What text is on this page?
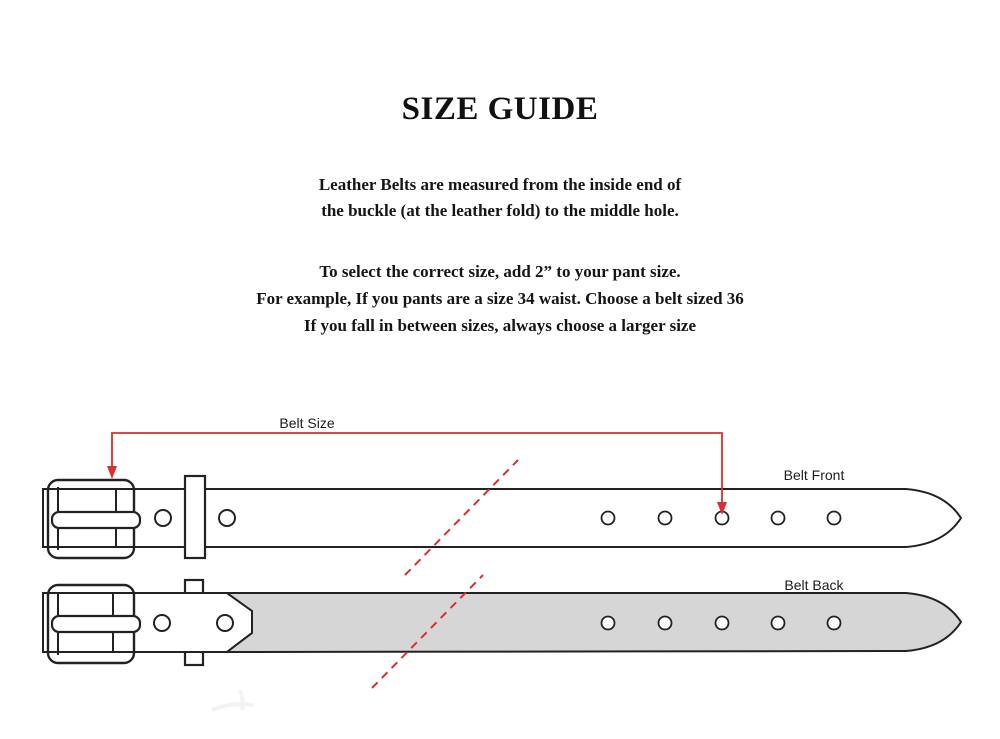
SIZE GUIDE
Leather Belts are measured from the inside end of
the buckle (at the leather fold) to the middle hole.
To select the correct size, add 2” to your pant size.
For example, If you pants are a size 34 waist. Choose a belt sized 36
If you fall in between sizes, always choose a larger size
Belt Size
Belt Front
Belt Back
